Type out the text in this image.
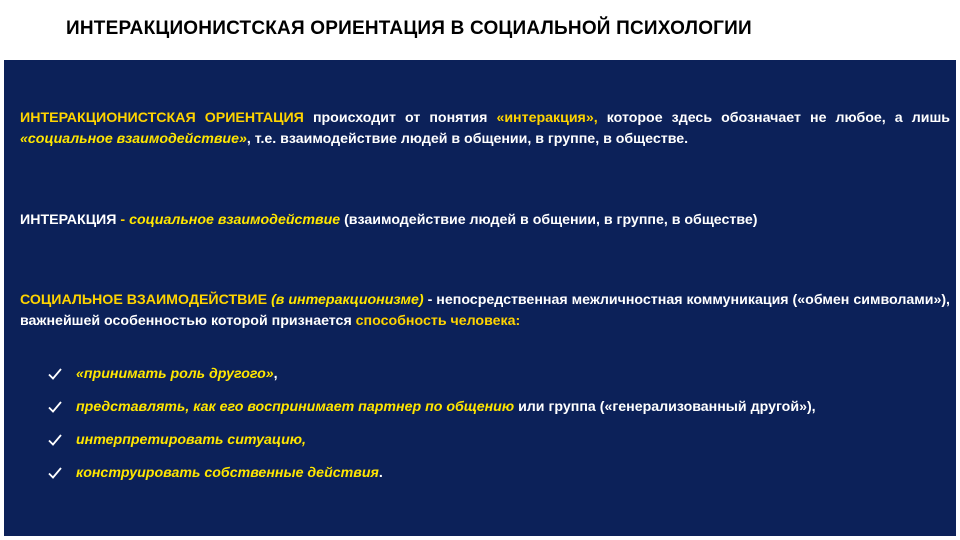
ИНТЕРАКЦИОНИСТСКАЯ ОРИЕНТАЦИЯ В СОЦИАЛЬНОЙ ПСИХОЛОГИИ
ИНТЕРАКЦИОНИСТСКАЯ ОРИЕНТАЦИЯ происходит от понятия «интеракция», которое здесь обозначает не любое, а лишь «социальное взаимодействие», т.е. взаимодействие людей в общении, в группе, в обществе.
ИНТЕРАКЦИЯ - социальное взаимодействие (взаимодействие людей в общении, в группе, в обществе)
СОЦИАЛЬНОЕ ВЗАИМОДЕЙСТВИЕ (в интеракционизме) - непосредственная межличностная коммуникация («обмен символами»), важнейшей особенностью которой признается способность человека:
«принимать роль другого»,
представлять, как его воспринимает партнер по общению или группа («генерализованный другой»),
интерпретировать ситуацию,
конструировать собственные действия.
